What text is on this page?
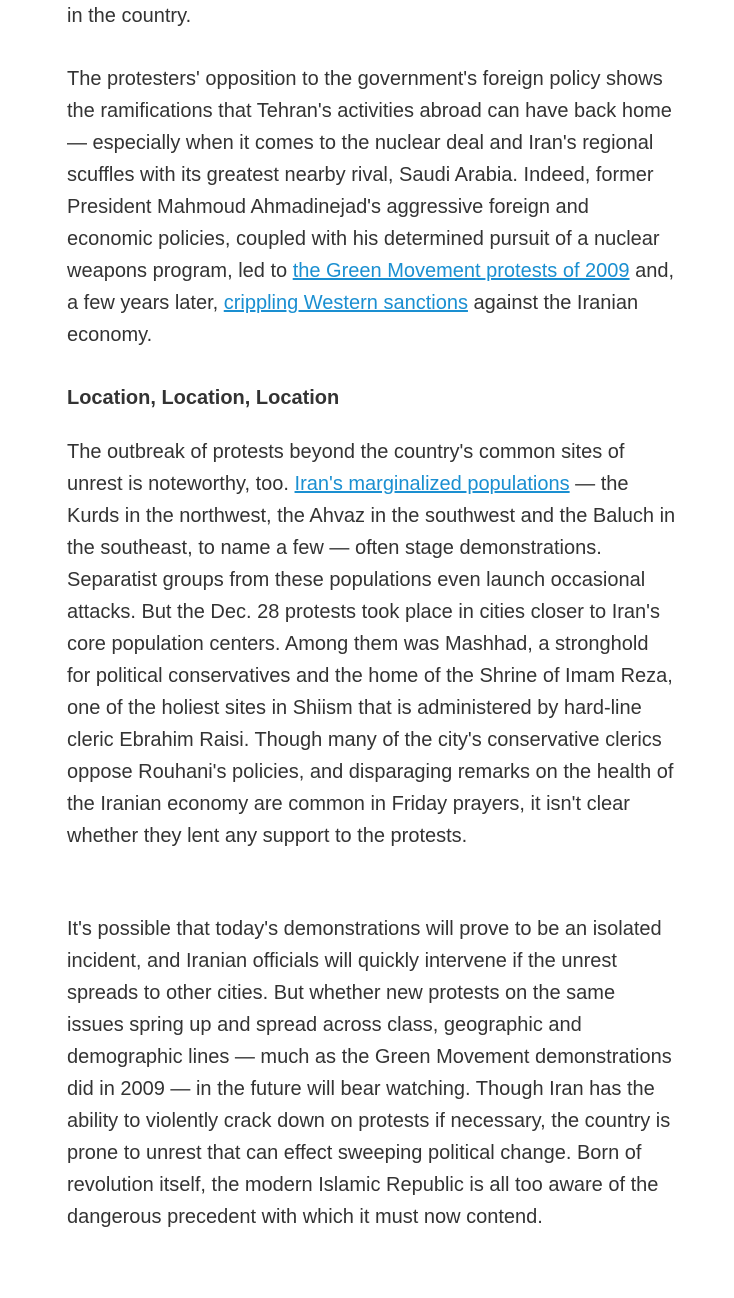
in the country.

The protesters' opposition to the government's foreign policy shows the ramifications that Tehran's activities abroad can have back home — especially when it comes to the nuclear deal and Iran's regional scuffles with its greatest nearby rival, Saudi Arabia. Indeed, former President Mahmoud Ahmadinejad's aggressive foreign and economic policies, coupled with his determined pursuit of a nuclear weapons program, led to the Green Movement protests of 2009 and, a few years later, crippling Western sanctions against the Iranian economy.

Location, Location, Location

The outbreak of protests beyond the country's common sites of unrest is noteworthy, too. Iran's marginalized populations — the Kurds in the northwest, the Ahvaz in the southwest and the Baluch in the southeast, to name a few — often stage demonstrations. Separatist groups from these populations even launch occasional attacks. But the Dec. 28 protests took place in cities closer to Iran's core population centers. Among them was Mashhad, a stronghold for political conservatives and the home of the Shrine of Imam Reza, one of the holiest sites in Shiism that is administered by hard-line cleric Ebrahim Raisi. Though many of the city's conservative clerics oppose Rouhani's policies, and disparaging remarks on the health of the Iranian economy are common in Friday prayers, it isn't clear whether they lent any support to the protests.

It's possible that today's demonstrations will prove to be an isolated incident, and Iranian officials will quickly intervene if the unrest spreads to other cities. But whether new protests on the same issues spring up and spread across class, geographic and demographic lines — much as the Green Movement demonstrations did in 2009 — in the future will bear watching. Though Iran has the ability to violently crack down on protests if necessary, the country is prone to unrest that can effect sweeping political change. Born of revolution itself, the modern Islamic Republic is all too aware of the dangerous precedent with which it must now contend.
